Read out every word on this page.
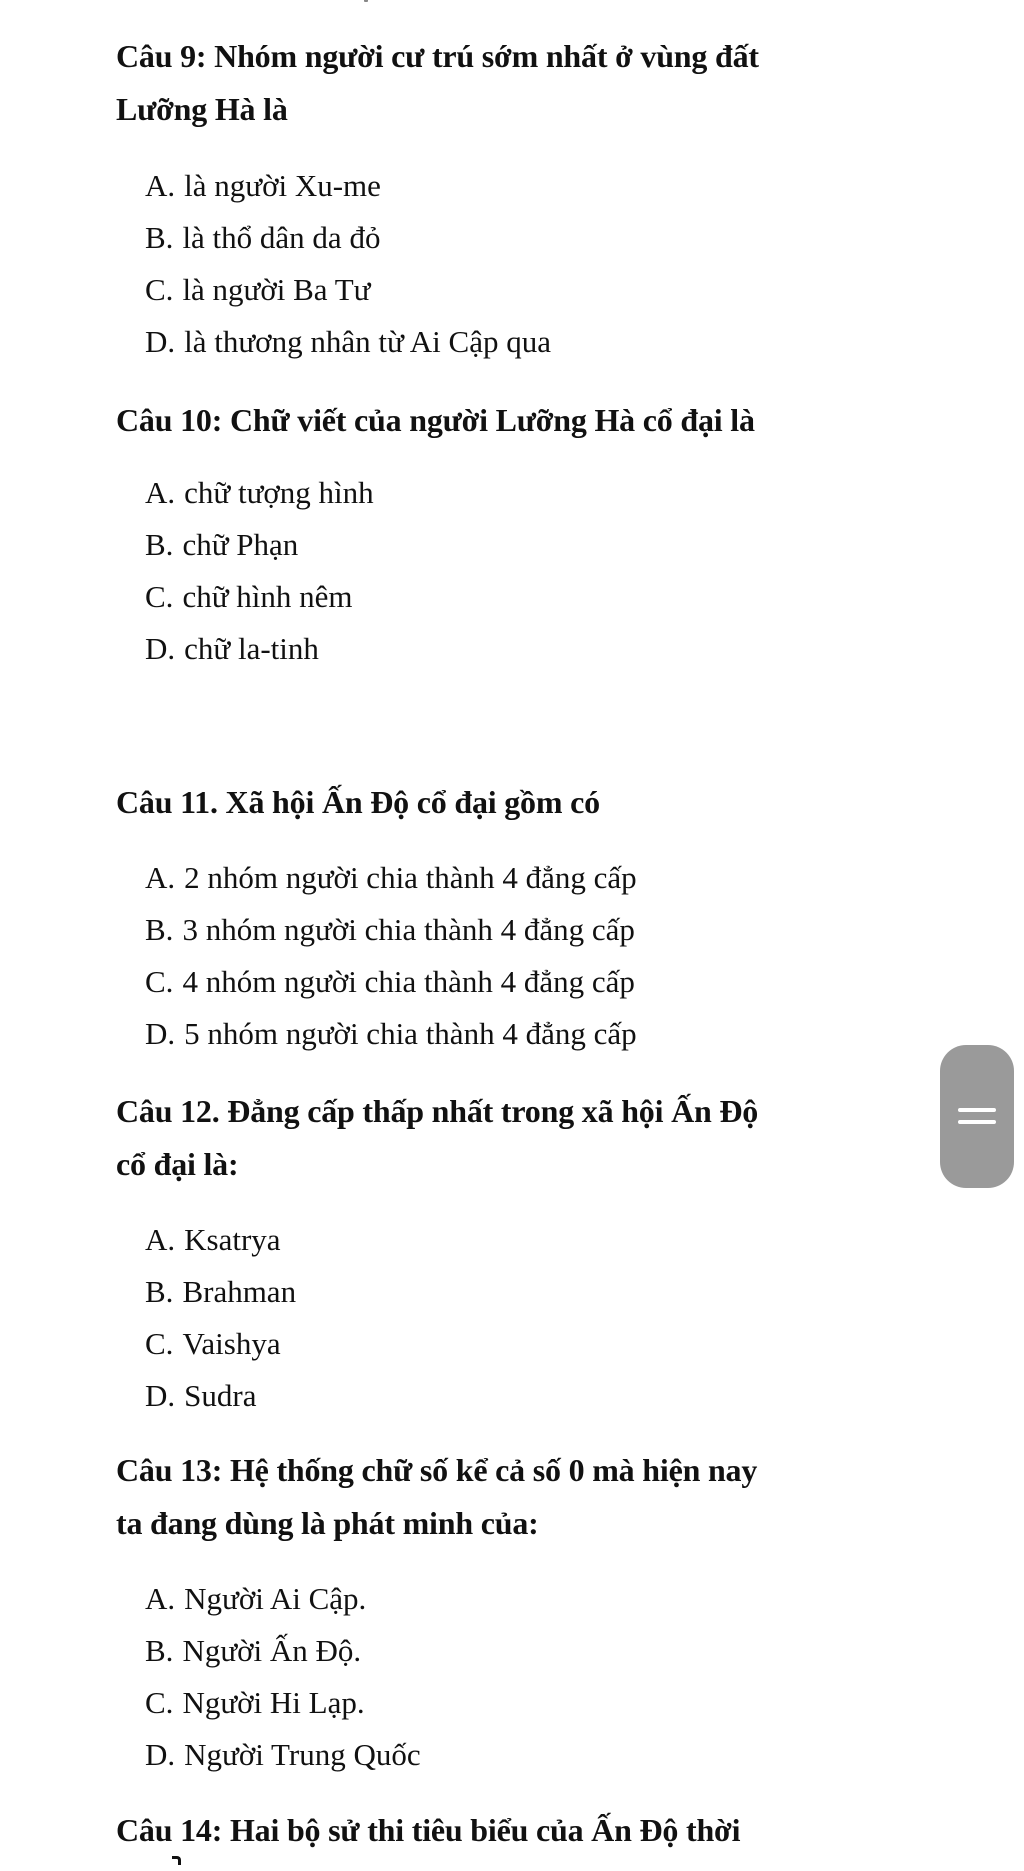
Câu 9: Nhóm người cư trú sớm nhất ở vùng đất
Lưỡng Hà là
A. là người Xu-me
B. là thổ dân da đỏ
C. là người Ba Tư
D. là thương nhân từ Ai Cập qua
Câu 10: Chữ viết của người Lưỡng Hà cổ đại là
A. chữ tượng hình
B. chữ Phạn
C. chữ hình nêm
D. chữ la-tinh
Câu 11. Xã hội Ấn Độ cổ đại gồm có
A. 2 nhóm người chia thành 4 đẳng cấp
B. 3 nhóm người chia thành 4 đẳng cấp
C. 4 nhóm người chia thành 4 đẳng cấp
D. 5 nhóm người chia thành 4 đẳng cấp
Câu 12. Đẳng cấp thấp nhất trong xã hội Ấn Độ
cổ đại là:
A. Ksatrya
B. Brahman
C. Vaishya
D. Sudra
Câu 13: Hệ thống chữ số kể cả số 0 mà hiện nay
ta đang dùng là phát minh của:
A. Người Ai Cập.
B. Người Ấn Độ.
C. Người Hi Lạp.
D. Người Trung Quốc
Câu 14: Hai bộ sử thi tiêu biểu của Ấn Độ thời
